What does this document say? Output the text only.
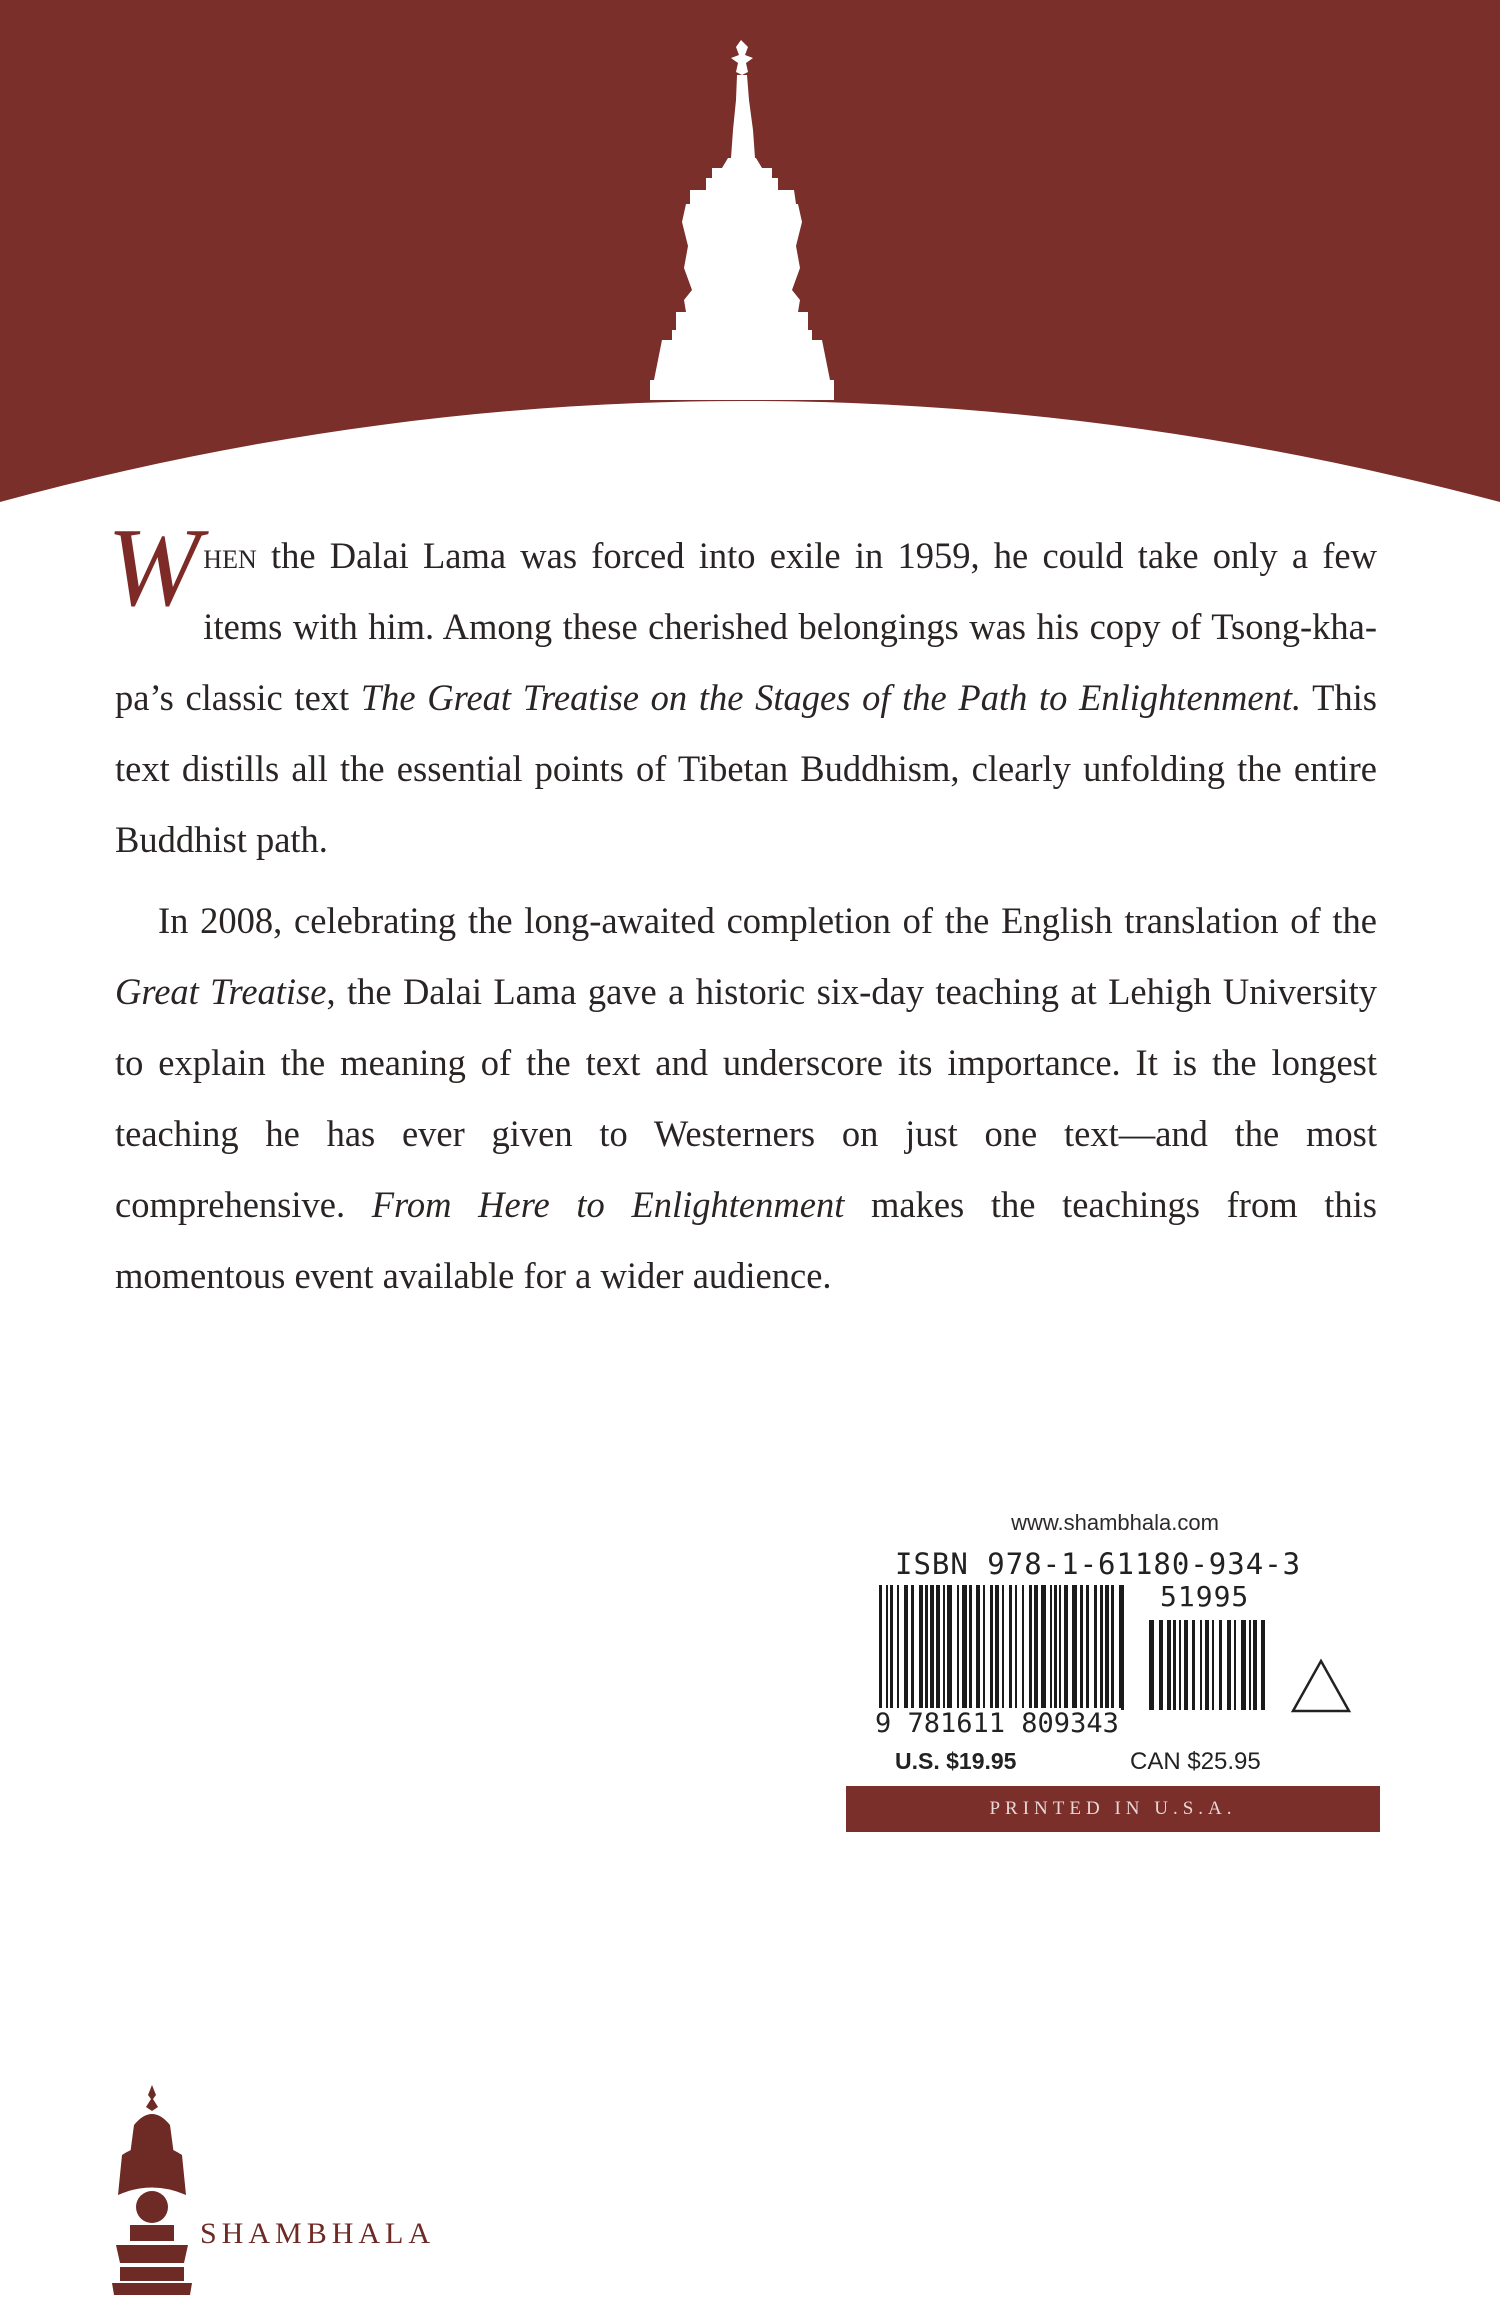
When the Dalai Lama was forced into exile in 1959, he could take only a few items with him. Among these cherished belongings was his copy of Tsong-kha-pa’s classic text The Great Treatise on the Stages of the Path to Enlightenment. This text distills all the essential points of Tibetan Buddhism, clearly unfolding the entire Buddhist path.

In 2008, celebrating the long-awaited completion of the English translation of the Great Treatise, the Dalai Lama gave a historic six-day teaching at Lehigh University to explain the meaning of the text and underscore its importance. It is the longest teaching he has ever given to Westerners on just one text—and the most comprehensive. From Here to Enlightenment makes the teachings from this momentous event available for a wider audience.

www.shambhala.com
ISBN 978-1-61180-934-3
9 781611 809343
51995
U.S. $19.95	CAN $25.95
PRINTED IN U.S.A.
SHAMBHALA
